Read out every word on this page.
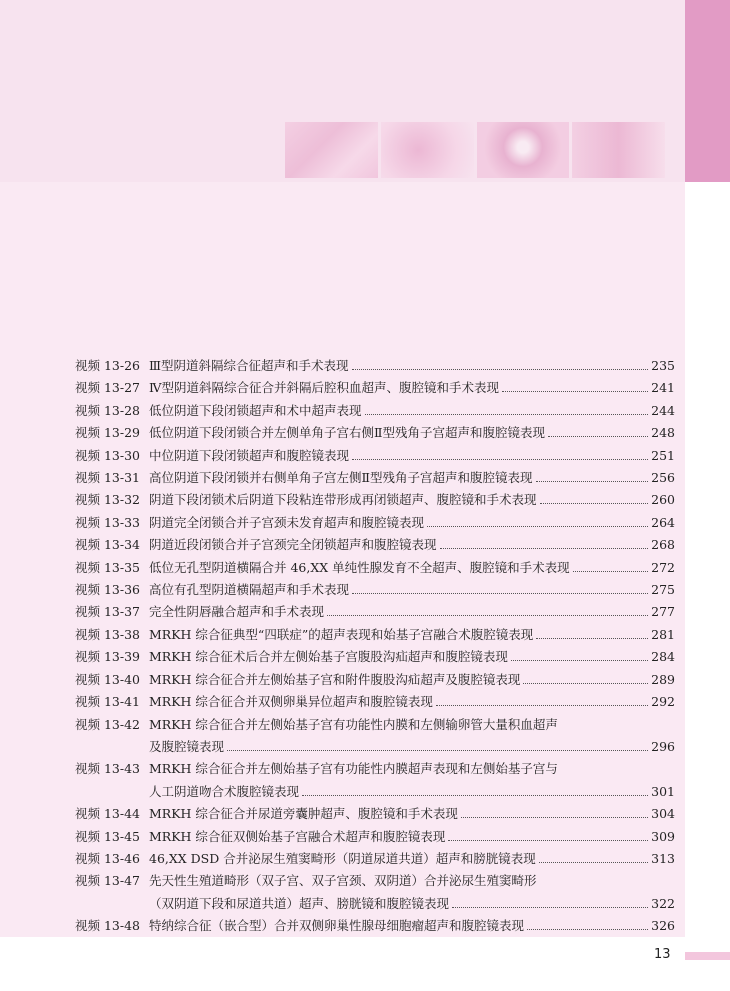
视频 13-26 Ⅲ型阴道斜隔综合征超声和手术表现	235
视频 13-27 Ⅳ型阴道斜隔综合征合并斜隔后腔积血超声、腹腔镜和手术表现	241
视频 13-28 低位阴道下段闭锁超声和术中超声表现	244
视频 13-29 低位阴道下段闭锁合并左侧单角子宫右侧Ⅱ型残角子宫超声和腹腔镜表现	248
视频 13-30 中位阴道下段闭锁超声和腹腔镜表现	251
视频 13-31 高位阴道下段闭锁并右侧单角子宫左侧Ⅱ型残角子宫超声和腹腔镜表现	256
视频 13-32 阴道下段闭锁术后阴道下段粘连带形成再闭锁超声、腹腔镜和手术表现	260
视频 13-33 阴道完全闭锁合并子宫颈未发育超声和腹腔镜表现	264
视频 13-34 阴道近段闭锁合并子宫颈完全闭锁超声和腹腔镜表现	268
视频 13-35 低位无孔型阴道横隔合并 46,XX 单纯性腺发育不全超声、腹腔镜和手术表现	272
视频 13-36 高位有孔型阴道横隔超声和手术表现	275
视频 13-37 完全性阴唇融合超声和手术表现	277
视频 13-38 MRKH 综合征典型“四联症”的超声表现和始基子宫融合术腹腔镜表现	281
视频 13-39 MRKH 综合征术后合并左侧始基子宫腹股沟疝超声和腹腔镜表现	284
视频 13-40 MRKH 综合征合并左侧始基子宫和附件腹股沟疝超声及腹腔镜表现	289
视频 13-41 MRKH 综合征合并双侧卵巢异位超声和腹腔镜表现	292
视频 13-42 MRKH 综合征合并左侧始基子宫有功能性内膜和左侧输卵管大量积血超声
及腹腔镜表现	296
视频 13-43 MRKH 综合征合并左侧始基子宫有功能性内膜超声表现和左侧始基子宫与
人工阴道吻合术腹腔镜表现	301
视频 13-44 MRKH 综合征合并尿道旁囊肿超声、腹腔镜和手术表现	304
视频 13-45 MRKH 综合征双侧始基子宫融合术超声和腹腔镜表现	309
视频 13-46 46,XX DSD 合并泌尿生殖窦畸形（阴道尿道共道）超声和膀胱镜表现	313
视频 13-47 先天性生殖道畸形（双子宫、双子宫颈、双阴道）合并泌尿生殖窦畸形
（双阴道下段和尿道共道）超声、膀胱镜和腹腔镜表现	322
视频 13-48 特纳综合征（嵌合型）合并双侧卵巢性腺母细胞瘤超声和腹腔镜表现	326
13
